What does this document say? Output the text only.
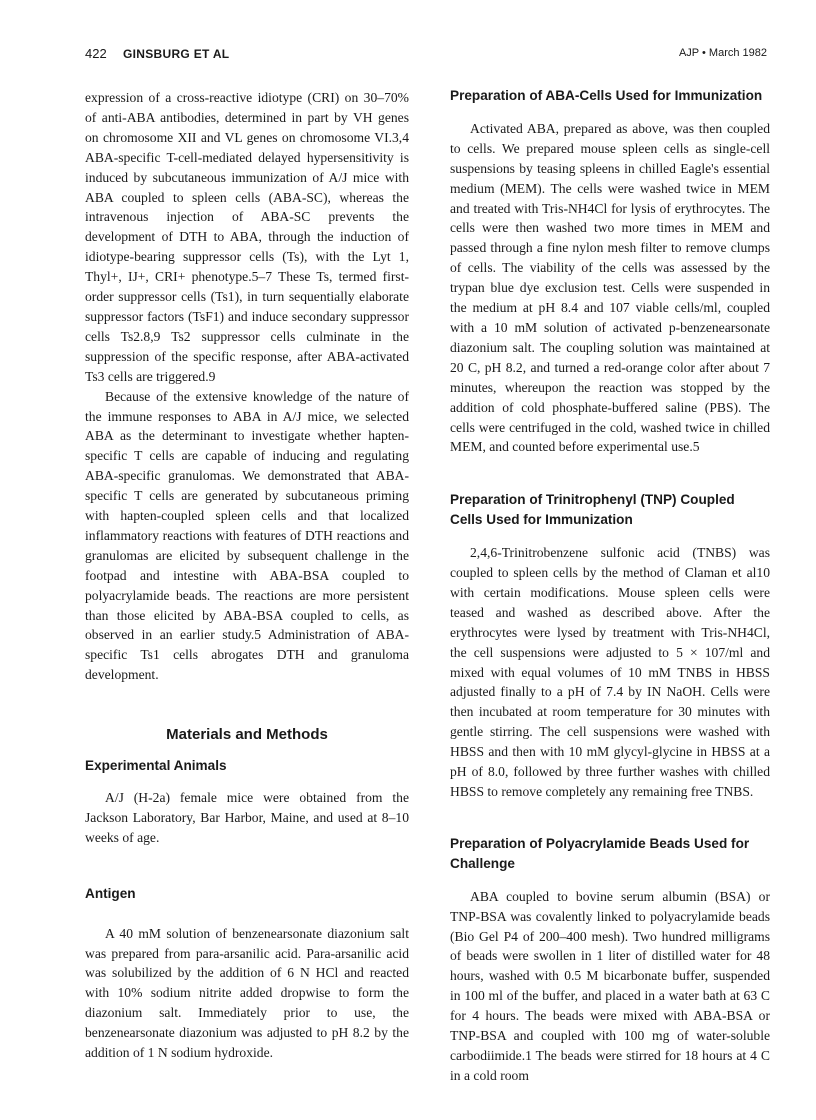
422 GINSBURG ET AL	AJP • March 1982

expression of a cross-reactive idiotype (CRI) on 30–70% of anti-ABA antibodies, determined in part by VH genes on chromosome XII and VL genes on chromosome VI.3,4 ABA-specific T-cell-mediated delayed hypersensitivity is induced by subcutaneous immunization of A/J mice with ABA coupled to spleen cells (ABA-SC), whereas the intravenous injection of ABA-SC prevents the development of DTH to ABA, through the induction of idiotype-bearing suppressor cells (Ts), with the Lyt 1, Thyl+, IJ+, CRI+ phenotype.5–7 These Ts, termed first-order suppressor cells (Ts1), in turn sequentially elaborate suppressor factors (TsF1) and induce secondary suppressor cells Ts2.8,9 Ts2 suppressor cells culminate in the suppression of the specific response, after ABA-activated Ts3 cells are triggered.9

Because of the extensive knowledge of the nature of the immune responses to ABA in A/J mice, we selected ABA as the determinant to investigate whether hapten-specific T cells are capable of inducing and regulating ABA-specific granulomas. We demonstrated that ABA-specific T cells are generated by subcutaneous priming with hapten-coupled spleen cells and that localized inflammatory reactions with features of DTH reactions and granulomas are elicited by subsequent challenge in the footpad and intestine with ABA-BSA coupled to polyacrylamide beads. The reactions are more persistent than those elicited by ABA-BSA coupled to cells, as observed in an earlier study.5 Administration of ABA-specific Ts1 cells abrogates DTH and granuloma development.

Materials and Methods
Experimental Animals

A/J (H-2a) female mice were obtained from the Jackson Laboratory, Bar Harbor, Maine, and used at 8–10 weeks of age.

Antigen

A 40 mM solution of benzenearsonate diazonium salt was prepared from para-arsanilic acid. Para-arsanilic acid was solubilized by the addition of 6 N HCl and reacted with 10% sodium nitrite added dropwise to form the diazonium salt. Immediately prior to use, the benzenearsonate diazonium was adjusted to pH 8.2 by the addition of 1 N sodium hydroxide.

Preparation of ABA-Cells Used for Immunization

Activated ABA, prepared as above, was then coupled to cells. We prepared mouse spleen cells as single-cell suspensions by teasing spleens in chilled Eagle's essential medium (MEM). The cells were washed twice in MEM and treated with Tris-NH4Cl for lysis of erythrocytes. The cells were then washed two more times in MEM and passed through a fine nylon mesh filter to remove clumps of cells. The viability of the cells was assessed by the trypan blue dye exclusion test. Cells were suspended in the medium at pH 8.4 and 107 viable cells/ml, coupled with a 10 mM solution of activated p-benzenearsonate diazonium salt. The coupling solution was maintained at 20 C, pH 8.2, and turned a red-orange color after about 7 minutes, whereupon the reaction was stopped by the addition of cold phosphate-buffered saline (PBS). The cells were centrifuged in the cold, washed twice in chilled MEM, and counted before experimental use.5

Preparation of Trinitrophenyl (TNP) Coupled Cells Used for Immunization

2,4,6-Trinitrobenzene sulfonic acid (TNBS) was coupled to spleen cells by the method of Claman et al10 with certain modifications. Mouse spleen cells were teased and washed as described above. After the erythrocytes were lysed by treatment with Tris-NH4Cl, the cell suspensions were adjusted to 5 × 107/ml and mixed with equal volumes of 10 mM TNBS in HBSS adjusted finally to a pH of 7.4 by IN NaOH. Cells were then incubated at room temperature for 30 minutes with gentle stirring. The cell suspensions were washed with HBSS and then with 10 mM glycyl-glycine in HBSS at a pH of 8.0, followed by three further washes with chilled HBSS to remove completely any remaining free TNBS.

Preparation of Polyacrylamide Beads Used for Challenge

ABA coupled to bovine serum albumin (BSA) or TNP-BSA was covalently linked to polyacrylamide beads (Bio Gel P4 of 200–400 mesh). Two hundred milligrams of beads were swollen in 1 liter of distilled water for 48 hours, washed with 0.5 M bicarbonate buffer, suspended in 100 ml of the buffer, and placed in a water bath at 63 C for 4 hours. The beads were mixed with ABA-BSA or TNP-BSA and coupled with 100 mg of water-soluble carbodiimide.1 The beads were stirred for 18 hours at 4 C in a cold room
